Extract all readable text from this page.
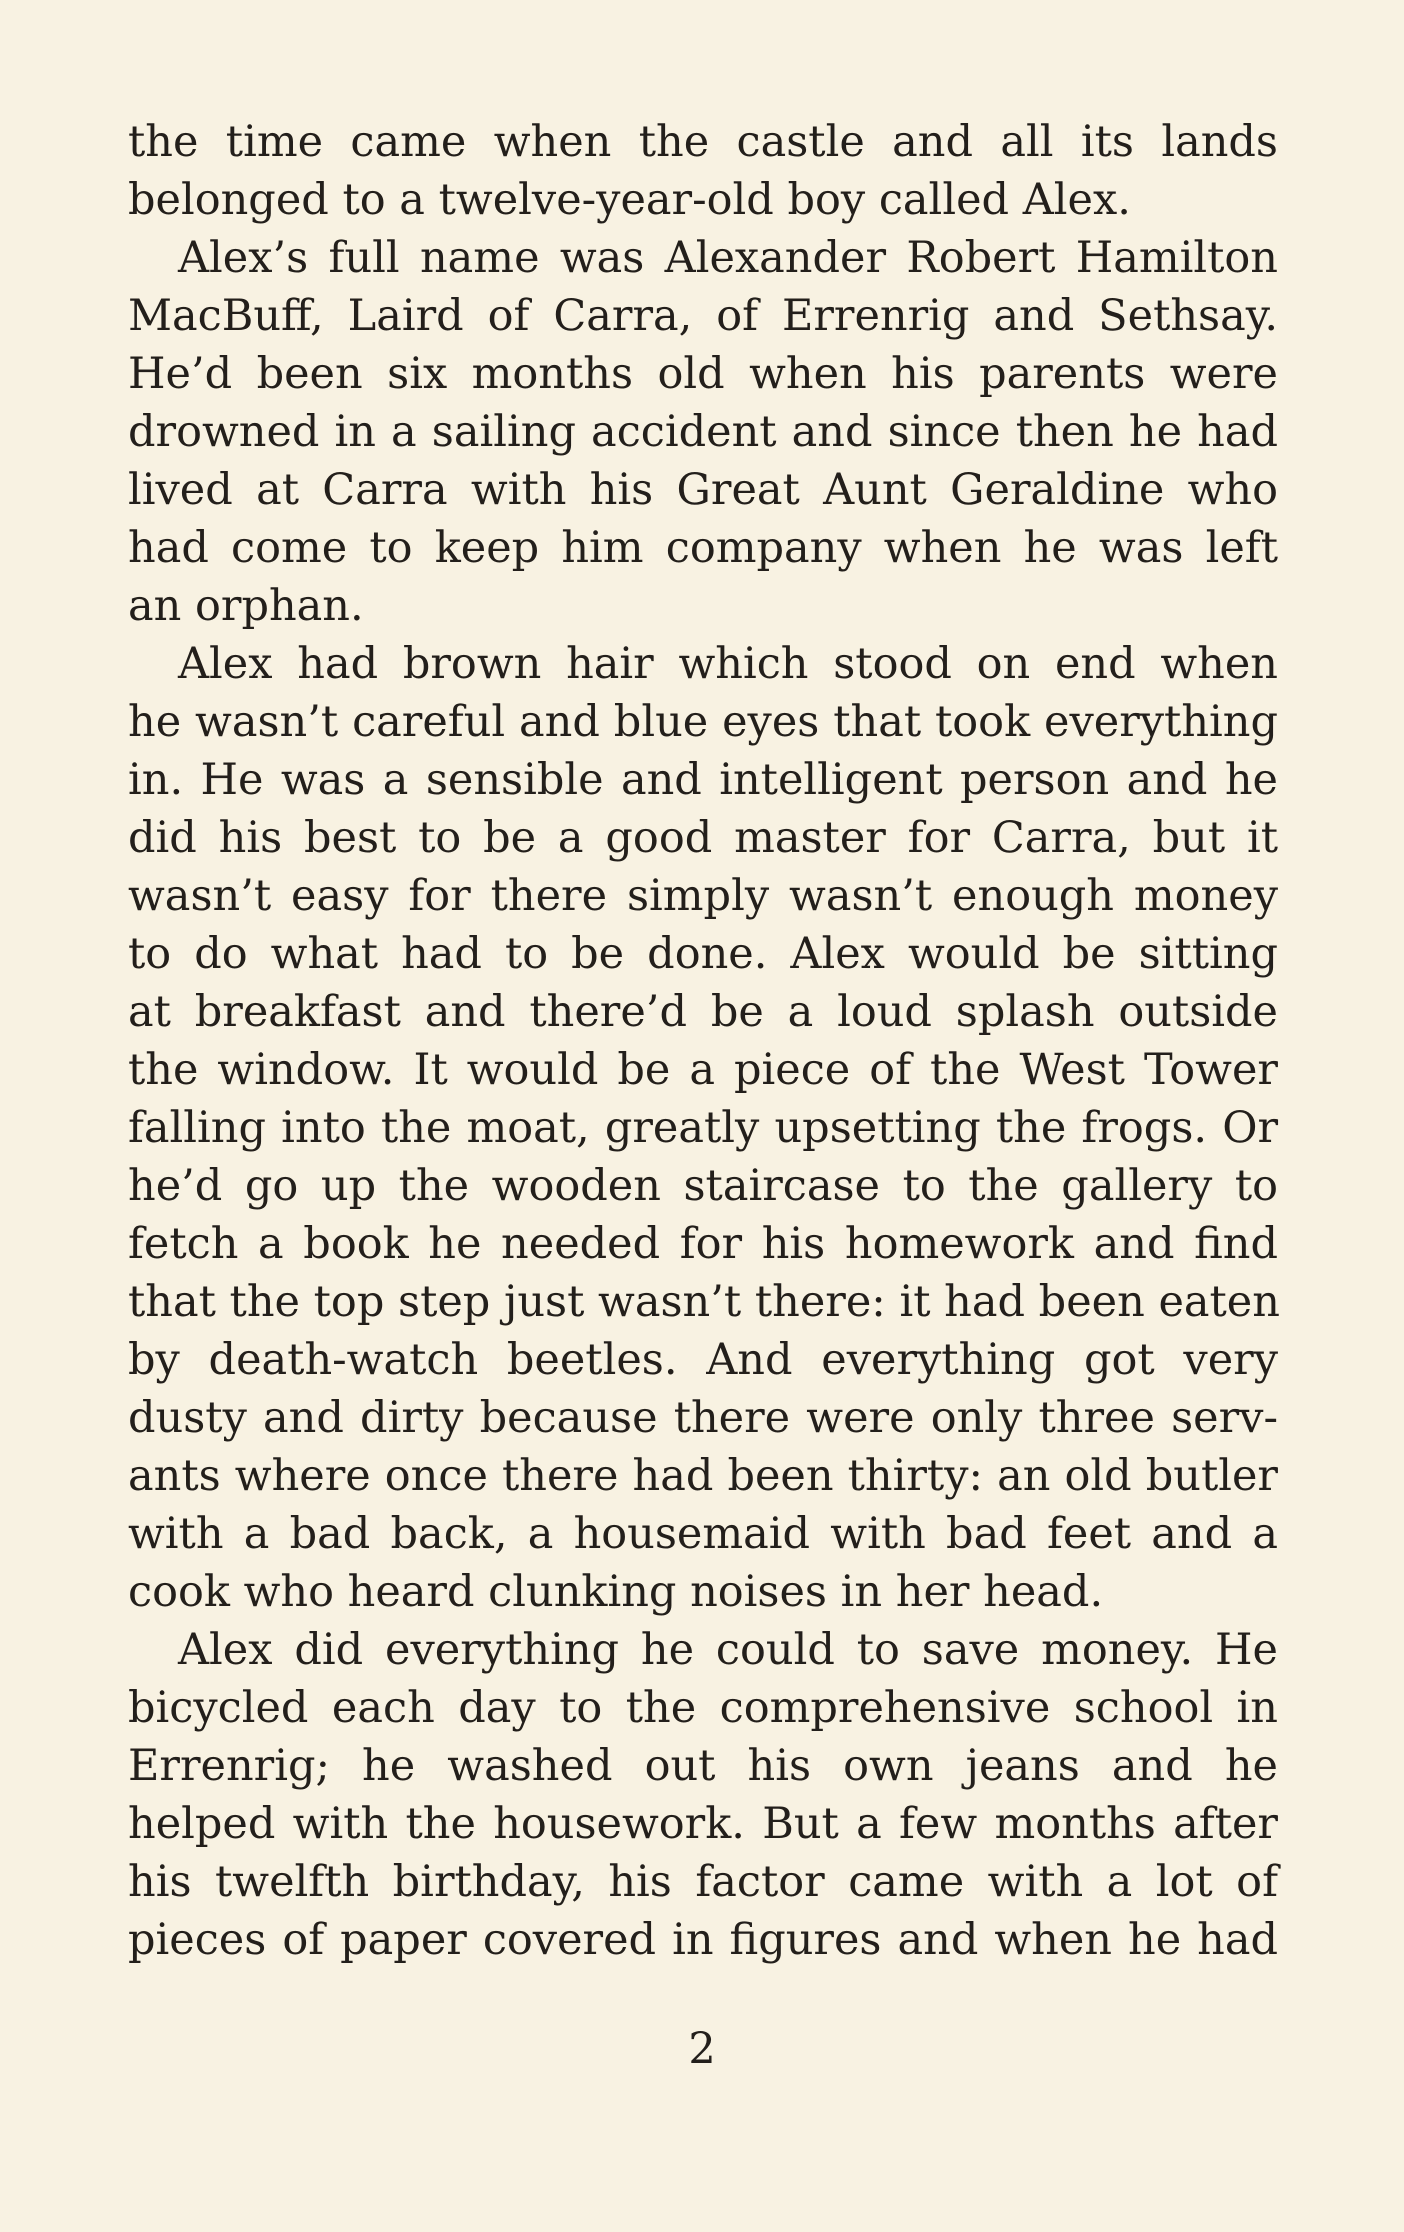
the time came when the castle and all its lands
belonged to a twelve-year-old boy called Alex.
Alex’s full name was Alexander Robert Hamilton
MacBuff, Laird of Carra, of Errenrig and Sethsay.
He’d been six months old when his parents were
drowned in a sailing accident and since then he had
lived at Carra with his Great Aunt Geraldine who
had come to keep him company when he was left
an orphan.
Alex had brown hair which stood on end when
he wasn’t careful and blue eyes that took everything
in. He was a sensible and intelligent person and he
did his best to be a good master for Carra, but it
wasn’t easy for there simply wasn’t enough money
to do what had to be done. Alex would be sitting
at breakfast and there’d be a loud splash outside
the window. It would be a piece of the West Tower
falling into the moat, greatly upsetting the frogs. Or
he’d go up the wooden staircase to the gallery to
fetch a book he needed for his homework and find
that the top step just wasn’t there: it had been eaten
by death-watch beetles. And everything got very
dusty and dirty because there were only three serv-
ants where once there had been thirty: an old butler
with a bad back, a housemaid with bad feet and a
cook who heard clunking noises in her head.
Alex did everything he could to save money. He
bicycled each day to the comprehensive school in
Errenrig; he washed out his own jeans and he
helped with the housework. But a few months after
his twelfth birthday, his factor came with a lot of
pieces of paper covered in figures and when he had
2
